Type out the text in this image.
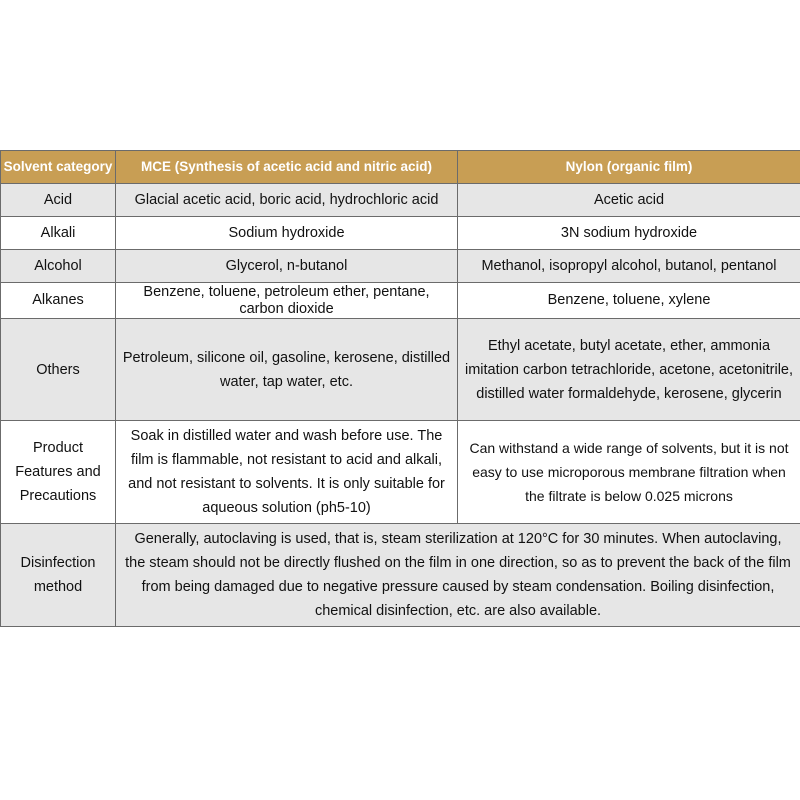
Solvent category	MCE (Synthesis of acetic acid and nitric acid)	Nylon (organic film)
Acid	Glacial acetic acid, boric acid, hydrochloric acid	Acetic acid
Alkali	Sodium hydroxide	3N sodium hydroxide
Alcohol	Glycerol, n-butanol	Methanol, isopropyl alcohol, butanol, pentanol
Alkanes	Benzene, toluene, petroleum ether, pentane, carbon dioxide	Benzene, toluene, xylene
Others	Petroleum, silicone oil, gasoline, kerosene, distilled water, tap water, etc.	Ethyl acetate, butyl acetate, ether, ammonia imitation carbon tetrachloride, acetone, acetonitrile, distilled water formaldehyde, kerosene, glycerin
Product Features and Precautions	Soak in distilled water and wash before use. The film is flammable, not resistant to acid and alkali, and not resistant to solvents. It is only suitable for aqueous solution (ph5-10)	Can withstand a wide range of solvents, but it is not easy to use microporous membrane filtration when the filtrate is below 0.025 microns
Disinfection method	Generally, autoclaving is used, that is, steam sterilization at 120°C for 30 minutes. When autoclaving, the steam should not be directly flushed on the film in one direction, so as to prevent the back of the film from being damaged due to negative pressure caused by steam condensation. Boiling disinfection, chemical disinfection, etc. are also available.	
